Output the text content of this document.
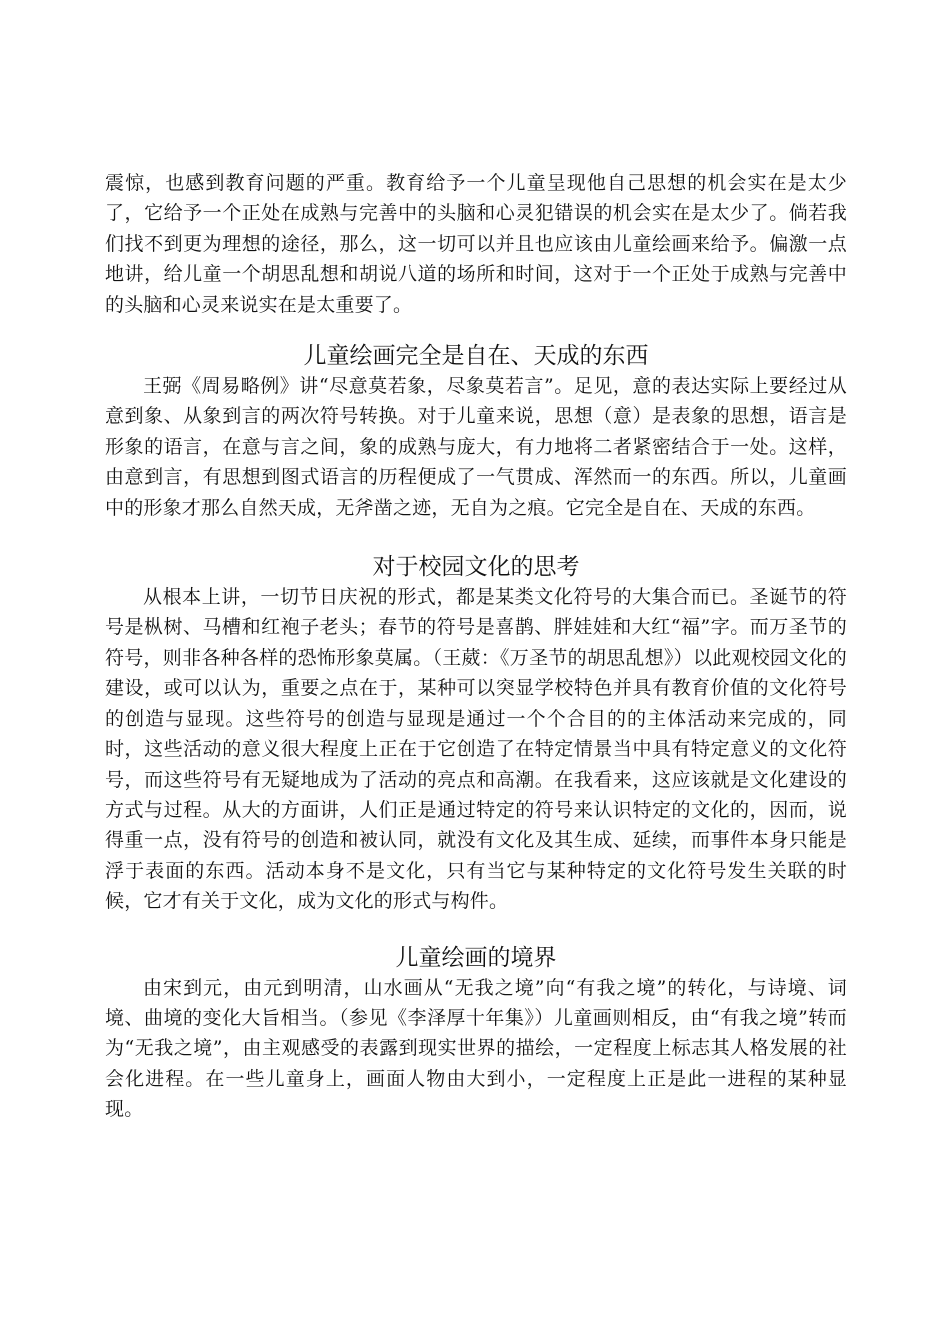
震惊，也感到教育问题的严重。教育给予一个儿童呈现他自己思想的机会实在是太少了，它给予一个正处在成熟与完善中的头脑和心灵犯错误的机会实在是太少了。倘若我们找不到更为理想的途径，那么，这一切可以并且也应该由儿童绘画来给予。偏激一点地讲，给儿童一个胡思乱想和胡说八道的场所和时间，这对于一个正处于成熟与完善中的头脑和心灵来说实在是太重要了。

儿童绘画完全是自在、天成的东西

王弼《周易略例》讲“尽意莫若象，尽象莫若言”。足见，意的表达实际上要经过从意到象、从象到言的两次符号转换。对于儿童来说，思想（意）是表象的思想，语言是形象的语言，在意与言之间，象的成熟与庞大，有力地将二者紧密结合于一处。这样，由意到言，有思想到图式语言的历程便成了一气贯成、浑然而一的东西。所以，儿童画中的形象才那么自然天成，无斧凿之迹，无自为之痕。它完全是自在、天成的东西。

对于校园文化的思考

从根本上讲，一切节日庆祝的形式，都是某类文化符号的大集合而已。圣诞节的符号是枞树、马槽和红袍子老头；春节的符号是喜鹊、胖娃娃和大红“福”字。而万圣节的符号，则非各种各样的恐怖形象莫属。（王葳：《万圣节的胡思乱想》）以此观校园文化的建设，或可以认为，重要之点在于，某种可以突显学校特色并具有教育价值的文化符号的创造与显现。这些符号的创造与显现是通过一个个合目的的主体活动来完成的，同时，这些活动的意义很大程度上正在于它创造了在特定情景当中具有特定意义的文化符号，而这些符号有无疑地成为了活动的亮点和高潮。在我看来，这应该就是文化建设的方式与过程。从大的方面讲，人们正是通过特定的符号来认识特定的文化的，因而，说得重一点，没有符号的创造和被认同，就没有文化及其生成、延续，而事件本身只能是浮于表面的东西。活动本身不是文化，只有当它与某种特定的文化符号发生关联的时候，它才有关于文化，成为文化的形式与构件。

儿童绘画的境界

由宋到元，由元到明清，山水画从“无我之境”向“有我之境”的转化，与诗境、词境、曲境的变化大旨相当。（参见《李泽厚十年集》）儿童画则相反，由“有我之境”转而为“无我之境”，由主观感受的表露到现实世界的描绘，一定程度上标志其人格发展的社会化进程。在一些儿童身上，画面人物由大到小，一定程度上正是此一进程的某种显现。
